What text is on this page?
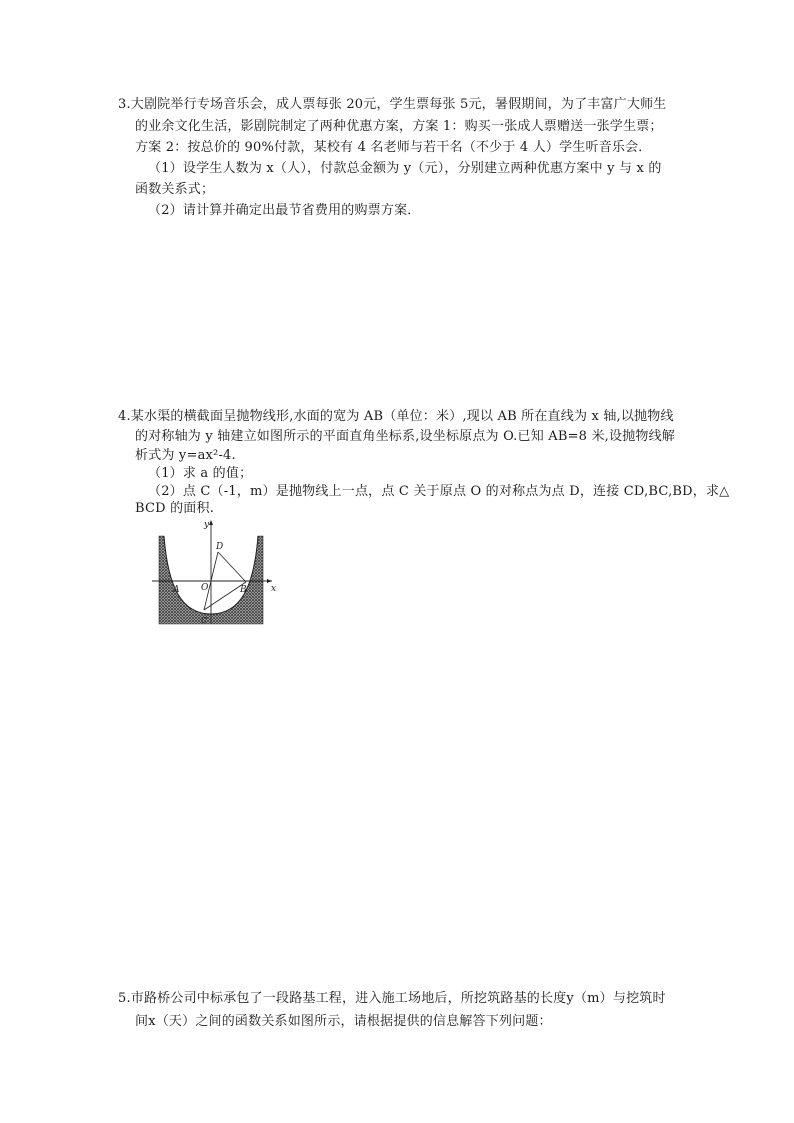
3.大剧院举行专场音乐会，成人票每张 20元，学生票每张 5元，暑假期间，为了丰富广大师生
的业余文化生活，影剧院制定了两种优惠方案，方案 1：购买一张成人票赠送一张学生票；
方案 2：按总价的 90%付款，某校有 4 名老师与若干名（不少于 4 人）学生听音乐会．
（1）设学生人数为 x（人），付款总金额为 y（元），分别建立两种优惠方案中 y 与 x 的
函数关系式；
（2）请计算并确定出最节省费用的购票方案．
4.某水渠的横截面呈抛物线形,水面的宽为 AB（单位：米）,现以 AB 所在直线为 x 轴,以抛物线
的对称轴为 y 轴建立如图所示的平面直角坐标系,设坐标原点为 O.已知 AB=8 米,设抛物线解
析式为 y=ax²-4.
（1）求 a 的值；
（2）点 C（-1，m）是抛物线上一点，点 C 关于原点 O 的对称点为点 D，连接 CD,BC,BD，求△
BCD 的面积.
y
x
D
O
A	B
C
5.市路桥公司中标承包了一段路基工程，进入施工场地后，所挖筑路基的长度y（m）与挖筑时
间x（天）之间的函数关系如图所示，请根据提供的信息解答下列问题：
